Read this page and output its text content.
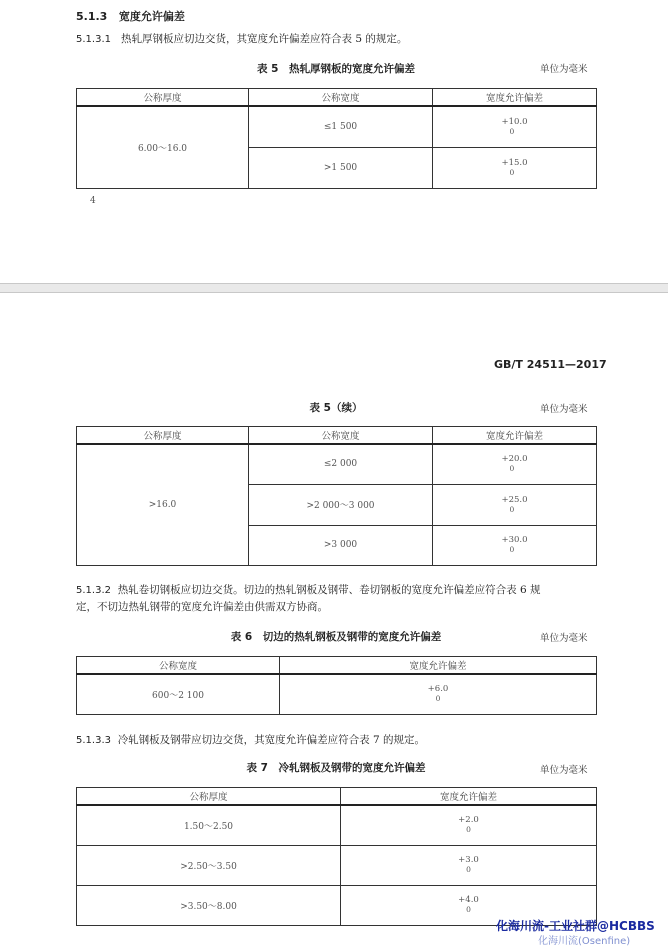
5.1.3 宽度允许偏差
5.1.3.1 热轧厚钢板应切边交货，其宽度允许偏差应符合表 5 的规定。
表 5　热轧厚钢板的宽度允许偏差	单位为毫米
公称厚度	公称宽度	宽度允许偏差
6.00～16.0	≤1 500	+10.0
0

	>1 500	+15.0
0
4
GB/T 24511—2017
表 5（续）	单位为毫米
公称厚度	公称宽度	宽度允许偏差
>16.0	≤2 000	+20.0
0

	>2 000～3 000	+25.0
0

	>3 000	+30.0
0
5.1.3.2 热轧卷切钢板应切边交货。切边的热轧钢板及钢带、卷切钢板的宽度允许偏差应符合表 6 规
定，不切边热轧钢带的宽度允许偏差由供需双方协商。
表 6　切边的热轧钢板及钢带的宽度允许偏差	单位为毫米
公称宽度	宽度允许偏差
600～2 100	+6.0
0
5.1.3.3 冷轧钢板及钢带应切边交货，其宽度允许偏差应符合表 7 的规定。
表 7　冷轧钢板及钢带的宽度允许偏差	单位为毫米
公称厚度	宽度允许偏差
1.50～2.50	+2.0
0

>2.50～3.50	+3.0
0

>3.50～8.00	+4.0
0
化海川流-工业社群@HCBBS
化海川流(Osenfine)
